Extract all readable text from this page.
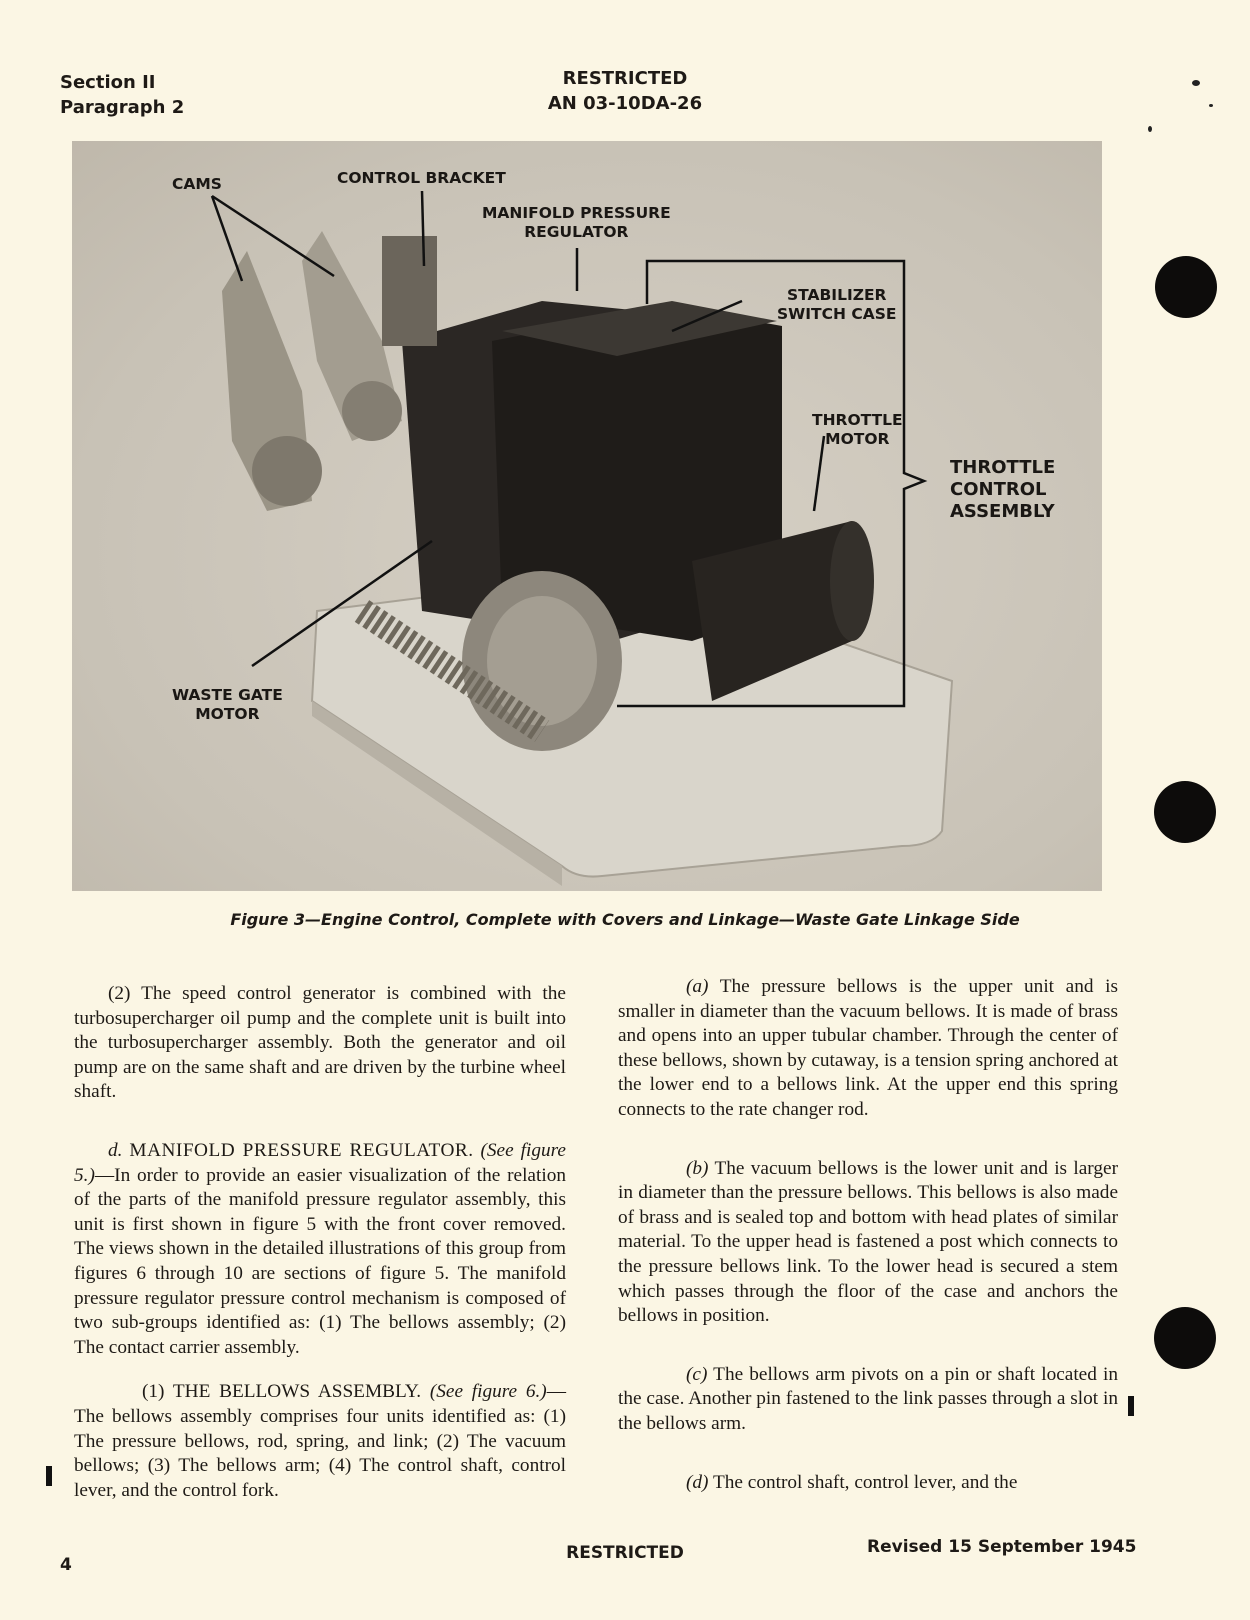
Section II
Paragraph 2
RESTRICTED
AN 03-10DA-26
CAMS	CONTROL BRACKET
MANIFOLD PRESSURE
REGULATOR
STABILIZER
SWITCH CASE
THROTTLE
MOTOR
THROTTLE
CONTROL
ASSEMBLY
WASTE GATE
MOTOR
Figure 3—Engine Control, Complete with Covers and Linkage—Waste Gate Linkage Side

(2) The speed control generator is combined with the turbosupercharger oil pump and the complete unit is built into the turbosupercharger assembly. Both the generator and oil pump are on the same shaft and are driven by the turbine wheel shaft.

d. MANIFOLD PRESSURE REGULATOR. (See figure 5.)—In order to provide an easier visualization of the relation of the parts of the manifold pressure regulator assembly, this unit is first shown in figure 5 with the front cover removed. The views shown in the detailed illustrations of this group from figures 6 through 10 are sections of figure 5. The manifold pressure regulator pressure control mechanism is composed of two sub-groups identified as: (1) The bellows assembly; (2) The contact carrier assembly.

(1) THE BELLOWS ASSEMBLY. (See figure 6.)—The bellows assembly comprises four units identified as: (1) The pressure bellows, rod, spring, and link; (2) The vacuum bellows; (3) The bellows arm; (4) The control shaft, control lever, and the control fork.

(a) The pressure bellows is the upper unit and is smaller in diameter than the vacuum bellows. It is made of brass and opens into an upper tubular chamber. Through the center of these bellows, shown by cutaway, is a tension spring anchored at the lower end to a bellows link. At the upper end this spring connects to the rate changer rod.

(b) The vacuum bellows is the lower unit and is larger in diameter than the pressure bellows. This bellows is also made of brass and is sealed top and bottom with head plates of similar material. To the upper head is fastened a post which connects to the pressure bellows link. To the lower head is secured a stem which passes through the floor of the case and anchors the bellows in position.

(c) The bellows arm pivots on a pin or shaft located in the case. Another pin fastened to the link passes through a slot in the bellows arm.

(d) The control shaft, control lever, and the

4
RESTRICTED	Revised 15 September 1945
